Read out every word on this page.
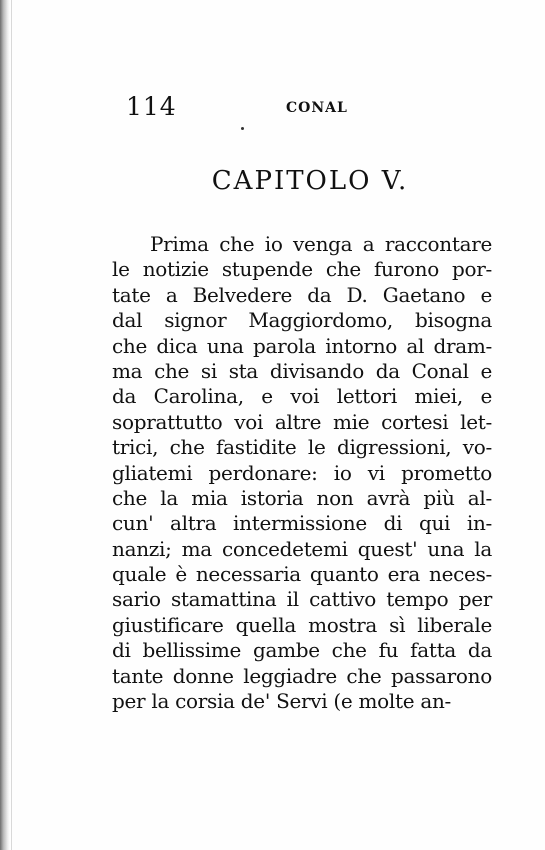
114	CONAL
CAPITOLO V.
Prima che io venga a raccontare
le notizie stupende che furono por-
tate a Belvedere da D. Gaetano e
dal signor Maggiordomo, bisogna
che dica una parola intorno al dram-
ma che si sta divisando da Conal e
da Carolina, e voi lettori miei, e
soprattutto voi altre mie cortesi let-
trici, che fastidite le digressioni, vo-
gliatemi perdonare: io vi prometto
che la mia istoria non avrà più al-
cun' altra intermissione di qui in-
nanzi; ma concedetemi quest' una la
quale è necessaria quanto era neces-
sario stamattina il cattivo tempo per
giustificare quella mostra sì liberale
di bellissime gambe che fu fatta da
tante donne leggiadre che passarono
per la corsia de' Servi (e molte an-
